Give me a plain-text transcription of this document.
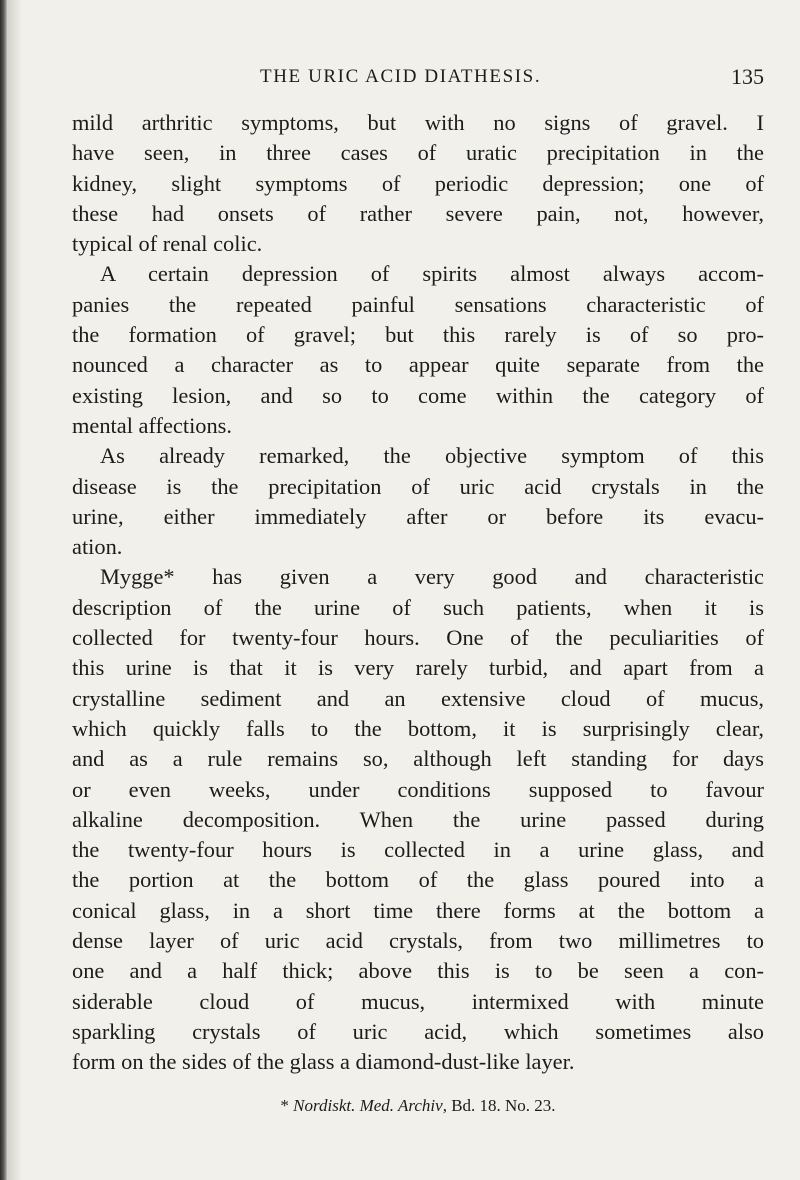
THE URIC ACID DIATHESIS.	135

mild arthritic symptoms, but with no signs of gravel. I

have seen, in three cases of uratic precipitation in the

kidney, slight symptoms of periodic depression; one of

these had onsets of rather severe pain, not, however,

typical of renal colic.

A certain depression of spirits almost always accom-

panies the repeated painful sensations characteristic of

the formation of gravel; but this rarely is of so pro-

nounced a character as to appear quite separate from the

existing lesion, and so to come within the category of

mental affections.

As already remarked, the objective symptom of this

disease is the precipitation of uric acid crystals in the

urine, either immediately after or before its evacu-

ation.

Mygge* has given a very good and characteristic

description of the urine of such patients, when it is

collected for twenty-four hours. One of the peculiarities of

this urine is that it is very rarely turbid, and apart from a

crystalline sediment and an extensive cloud of mucus,

which quickly falls to the bottom, it is surprisingly clear,

and as a rule remains so, although left standing for days

or even weeks, under conditions supposed to favour

alkaline decomposition. When the urine passed during

the twenty-four hours is collected in a urine glass, and

the portion at the bottom of the glass poured into a

conical glass, in a short time there forms at the bottom a

dense layer of uric acid crystals, from two millimetres to

one and a half thick; above this is to be seen a con-

siderable cloud of mucus, intermixed with minute

sparkling crystals of uric acid, which sometimes also

form on the sides of the glass a diamond-dust-like layer.

* Nordiskt. Med. Archiv, Bd. 18. No. 23.
